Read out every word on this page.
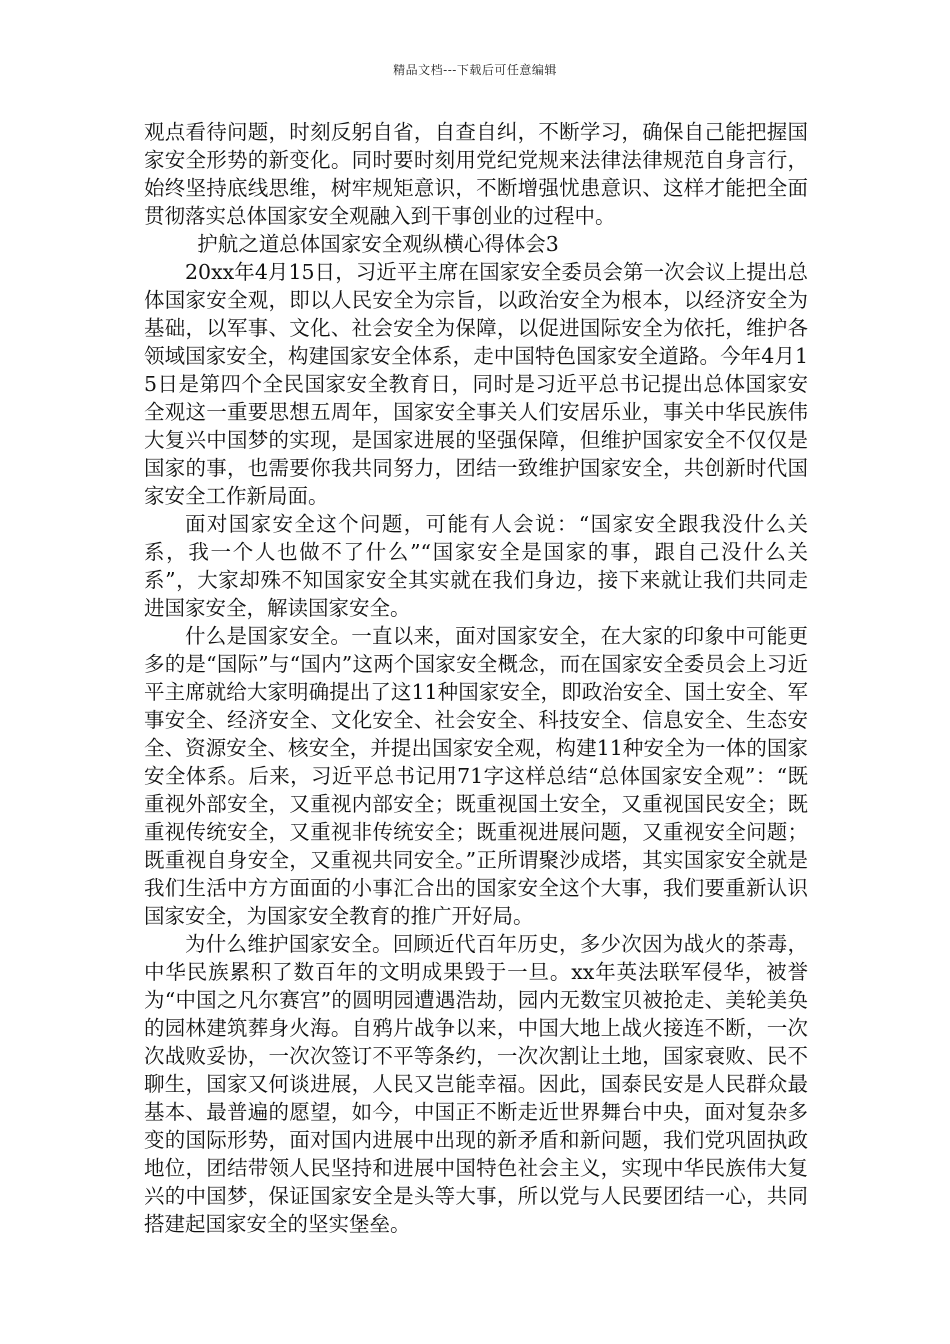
精品文档---下载后可任意编辑

观点看待问题，时刻反躬自省，自查自纠，不断学习，确保自己能把握国家安全形势的新变化。同时要时刻用党纪党规来法律法律规范自身言行，始终坚持底线思维，树牢规矩意识，不断增强忧患意识、这样才能把全面贯彻落实总体国家安全观融入到干事创业的过程中。

护航之道总体国家安全观纵横心得体会3

20xx年4月15日，习近平主席在国家安全委员会第一次会议上提出总体国家安全观，即以人民安全为宗旨，以政治安全为根本，以经济安全为基础，以军事、文化、社会安全为保障，以促进国际安全为依托，维护各领域国家安全，构建国家安全体系，走中国特色国家安全道路。今年4月15日是第四个全民国家安全教育日，同时是习近平总书记提出总体国家安全观这一重要思想五周年，国家安全事关人们安居乐业，事关中华民族伟大复兴中国梦的实现，是国家进展的坚强保障，但维护国家安全不仅仅是国家的事，也需要你我共同努力，团结一致维护国家安全，共创新时代国家安全工作新局面。

面对国家安全这个问题，可能有人会说：“国家安全跟我没什么关系，我一个人也做不了什么”“国家安全是国家的事，跟自己没什么关系”，大家却殊不知国家安全其实就在我们身边，接下来就让我们共同走进国家安全，解读国家安全。

什么是国家安全。一直以来，面对国家安全，在大家的印象中可能更多的是“国际”与“国内”这两个国家安全概念，而在国家安全委员会上习近平主席就给大家明确提出了这11种国家安全，即政治安全、国土安全、军事安全、经济安全、文化安全、社会安全、科技安全、信息安全、生态安全、资源安全、核安全，并提出国家安全观，构建11种安全为一体的国家安全体系。后来，习近平总书记用71字这样总结“总体国家安全观”：“既重视外部安全，又重视内部安全；既重视国土安全，又重视国民安全；既重视传统安全，又重视非传统安全；既重视进展问题，又重视安全问题；既重视自身安全，又重视共同安全。”正所谓聚沙成塔，其实国家安全就是我们生活中方方面面的小事汇合出的国家安全这个大事，我们要重新认识国家安全，为国家安全教育的推广开好局。

为什么维护国家安全。回顾近代百年历史，多少次因为战火的荼毒，中华民族累积了数百年的文明成果毁于一旦。xx年英法联军侵华，被誉为“中国之凡尔赛宫”的圆明园遭遇浩劫，园内无数宝贝被抢走、美轮美奂的园林建筑葬身火海。自鸦片战争以来，中国大地上战火接连不断，一次次战败妥协，一次次签订不平等条约，一次次割让土地，国家衰败、民不聊生，国家又何谈进展，人民又岂能幸福。因此，国泰民安是人民群众最基本、最普遍的愿望，如今，中国正不断走近世界舞台中央，面对复杂多变的国际形势，面对国内进展中出现的新矛盾和新问题，我们党巩固执政地位，团结带领人民坚持和进展中国特色社会主义，实现中华民族伟大复兴的中国梦，保证国家安全是头等大事，所以党与人民要团结一心，共同搭建起国家安全的坚实堡垒。
